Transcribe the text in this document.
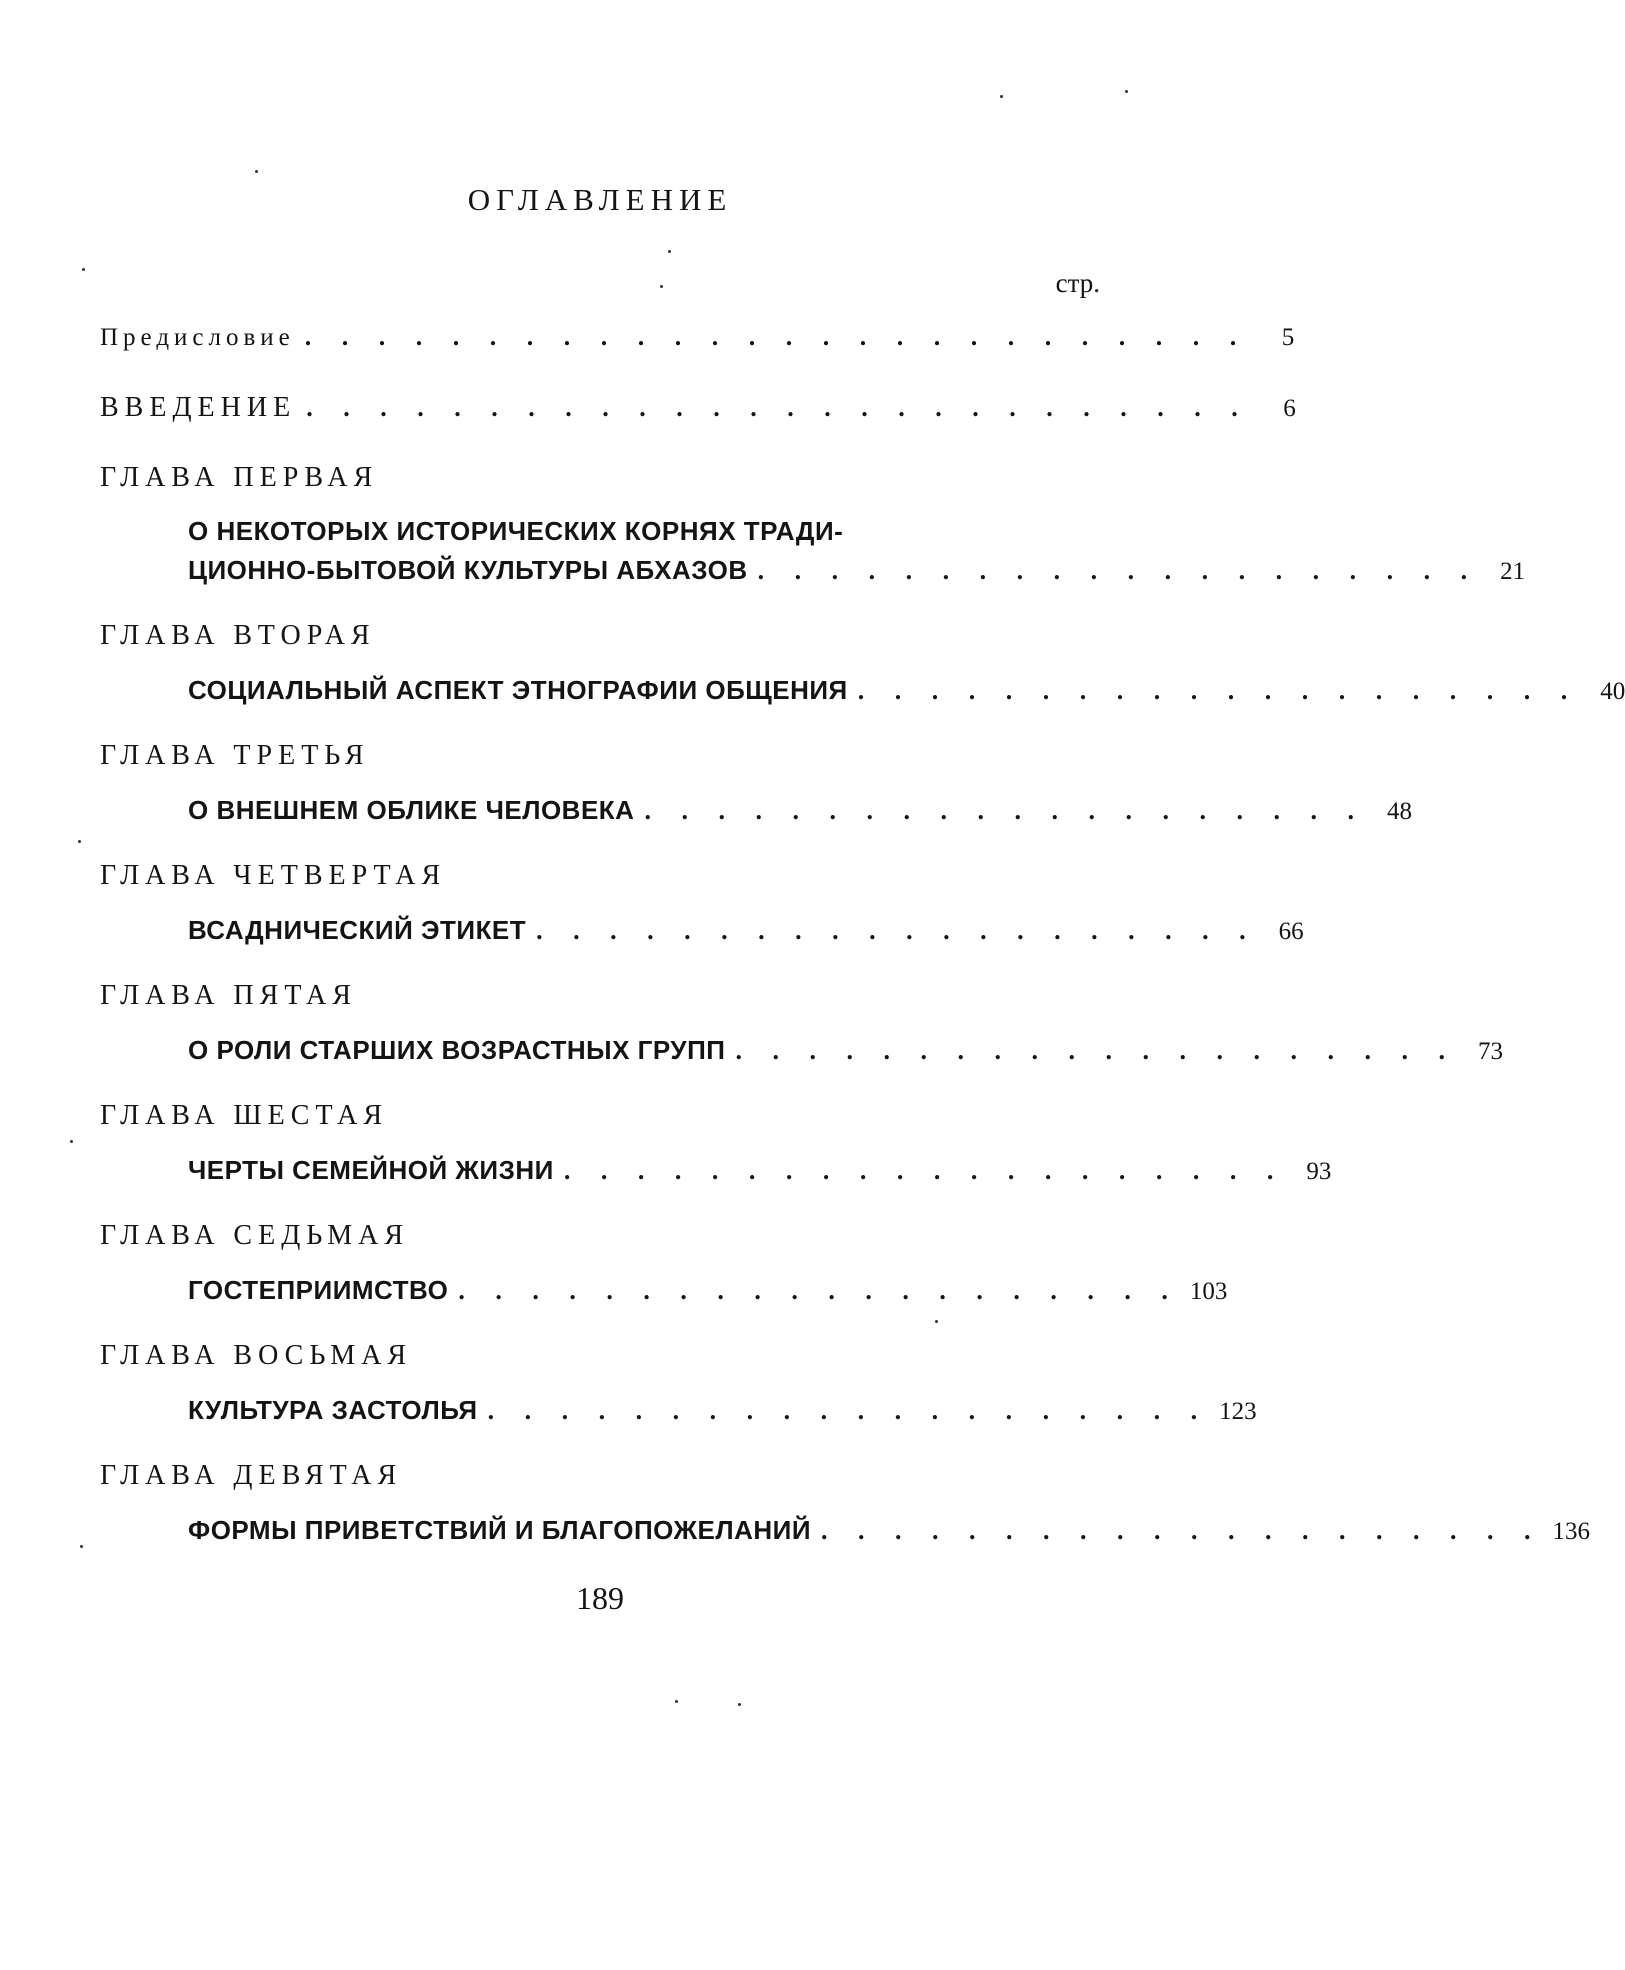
ОГЛАВЛЕНИЕ
стр.
Предисловие . . . . . . . . . . . . . . . . . . . . . . . . . .	5
ВВЕДЕНИЕ . . . . . . . . . . . . . . . . . . . . . . . . . .	6
ГЛАВА ПЕРВАЯ
О НЕКОТОРЫХ ИСТОРИЧЕСКИХ КОРНЯХ ТРАДИ-
ЦИОННО-БЫТОВОЙ КУЛЬТУРЫ АБХАЗОВ . . . . . . . . . . . . . . . . . . . . 21
ГЛАВА ВТОРАЯ
СОЦИАЛЬНЫЙ АСПЕКТ ЭТНОГРАФИИ ОБЩЕНИЯ . . . . . . . . . . . . . . . . . . . . 40
ГЛАВА ТРЕТЬЯ
О ВНЕШНЕМ ОБЛИКЕ ЧЕЛОВЕКА . . . . . . . . . . . . . . . . . . . . 48
ГЛАВА ЧЕТВЕРТАЯ
ВСАДНИЧЕСКИЙ ЭТИКЕТ . . . . . . . . . . . . . . . . . . . . 66
ГЛАВА ПЯТАЯ
О РОЛИ СТАРШИХ ВОЗРАСТНЫХ ГРУПП . . . . . . . . . . . . . . . . . . . . 73
ГЛАВА ШЕСТАЯ
ЧЕРТЫ СЕМЕЙНОЙ ЖИЗНИ . . . . . . . . . . . . . . . . . . . . 93
ГЛАВА СЕДЬМАЯ
ГОСТЕПРИИМСТВО . . . . . . . . . . . . . . . . . . . . 103
ГЛАВА ВОСЬМАЯ
КУЛЬТУРА ЗАСТОЛЬЯ . . . . . . . . . . . . . . . . . . . . 123
ГЛАВА ДЕВЯТАЯ
ФОРМЫ ПРИВЕТСТВИЙ И БЛАГОПОЖЕЛАНИЙ . . . . . . . . . . . . . . . . . . . . 136
189
